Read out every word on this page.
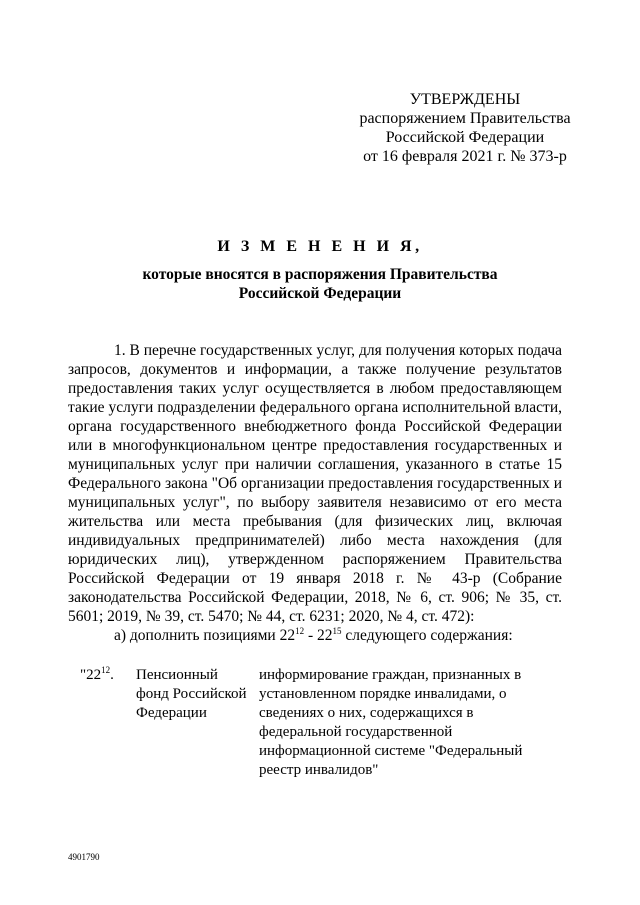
УТВЕРЖДЕНЫ
распоряжением Правительства
Российской Федерации
от 16 февраля 2021 г. № 373-р
И З М Е Н Е Н И Я,
которые вносятся в распоряжения Правительства
Российской Федерации

1. В перечне государственных услуг, для получения которых подача запросов, документов и информации, а также получение результатов предоставления таких услуг осуществляется в любом предоставляющем такие услуги подразделении федерального органа исполнительной власти, органа государственного внебюджетного фонда Российской Федерации или в многофункциональном центре предоставления государственных и муниципальных услуг при наличии соглашения, указанного в статье 15 Федерального закона "Об организации предоставления государственных и муниципальных услуг", по выбору заявителя независимо от его места жительства или места пребывания (для физических лиц, включая индивидуальных предпринимателей) либо места нахождения (для юридических лиц), утвержденном распоряжением Правительства Российской Федерации от 19 января 2018 г. № 43-р (Собрание законодательства Российской Федерации, 2018, № 6, ст. 906; № 35, ст. 5601; 2019, № 39, ст. 5470; № 44, ст. 6231; 2020, № 4, ст. 472):

а) дополнить позициями $22^{12} - 22^{15}$ следующего содержания:

"$22^{12}$.	Пенсионный фонд Российской Федерации
информирование граждан, признанных в установленном порядке инвалидами, о сведениях о них, содержащихся в федеральной государственной информационной системе "Федеральный реестр инвалидов"
4901790
